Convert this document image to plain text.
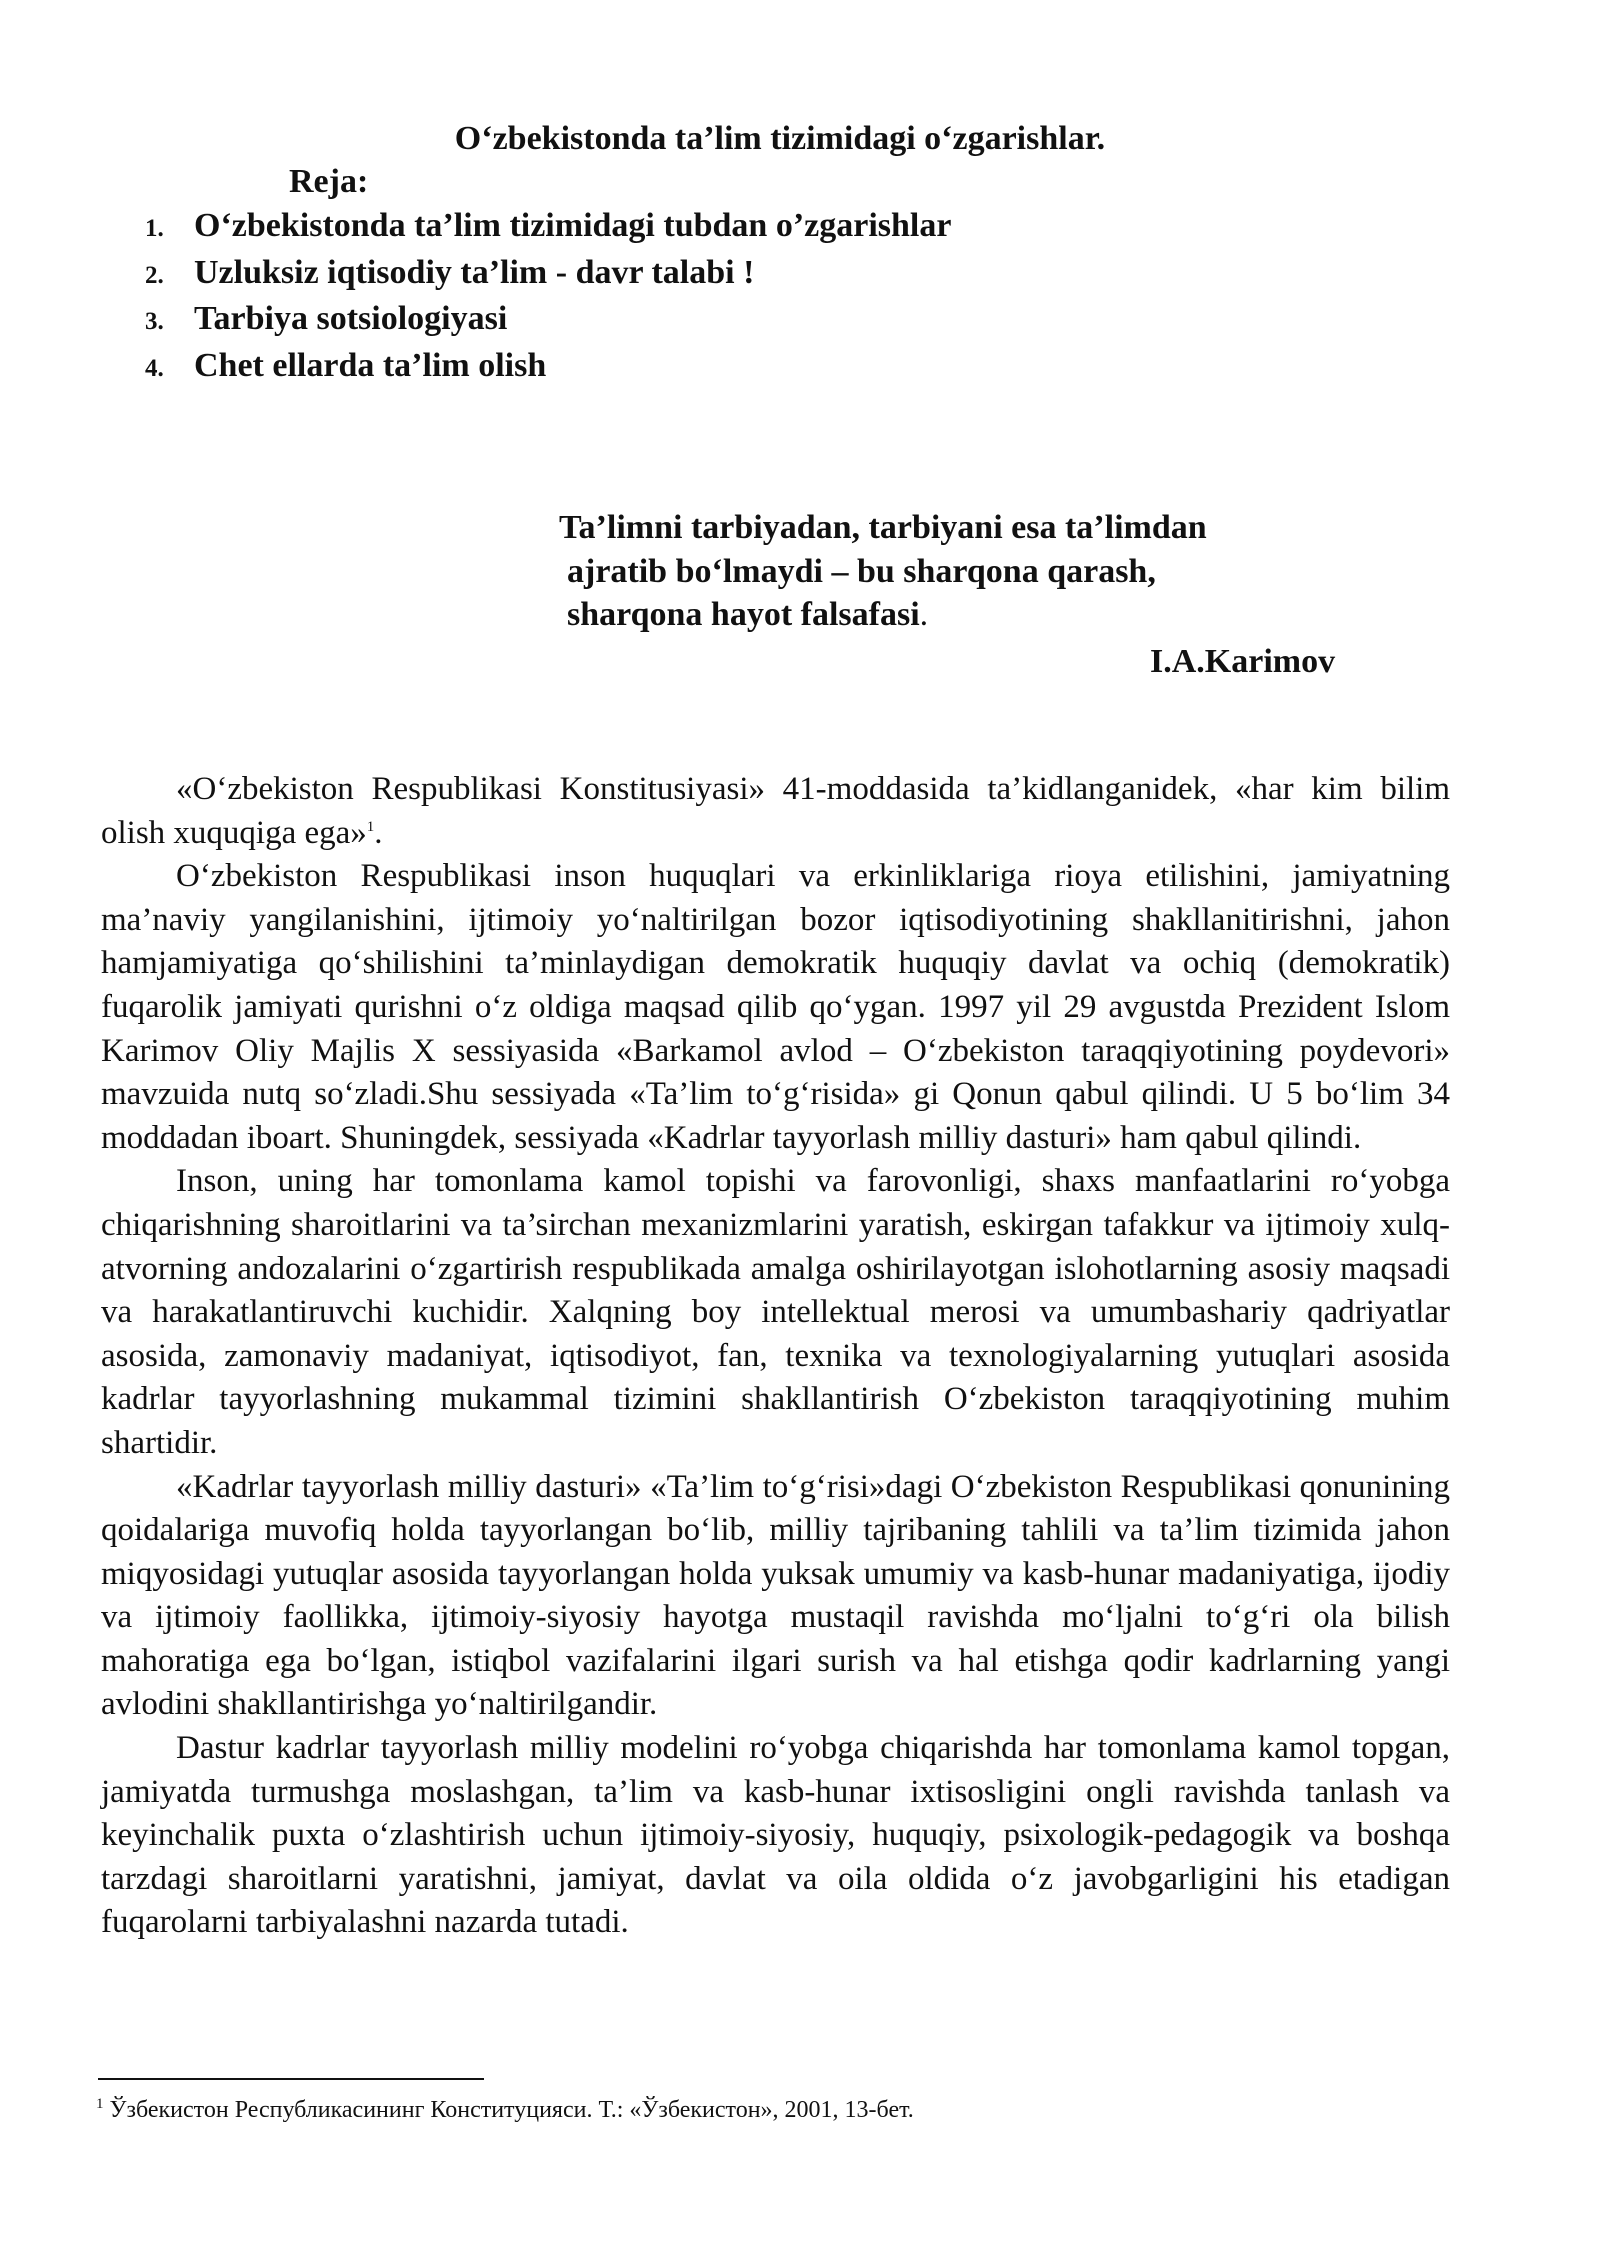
O‘zbekistonda ta’lim tizimidagi o‘zgarishlar.
Reja:
1. O‘zbekistonda ta’lim tizimidagi tubdan o’zgarishlar
2. Uzluksiz iqtisodiy ta’lim - davr talabi !
3. Tarbiya sotsiologiyasi
4. Chet ellarda ta’lim olish
Ta’limni tarbiyadan, tarbiyani esa ta’limdan
ajratib bo‘lmaydi – bu sharqona qarash,
sharqona hayot falsafasi.
I.A.Karimov

«O‘zbekiston Respublikasi Konstitusiyasi» 41-moddasida ta’kidlanganidek, «har kim bilim olish xuquqiga ega»$^1$.

O‘zbekiston Respublikasi inson huquqlari va erkinliklariga rioya etilishini, jamiyatning ma’naviy yangilanishini, ijtimoiy yo‘naltirilgan bozor iqtisodiyotining shakllanitirishni, jahon hamjamiyatiga qo‘shilishini ta’minlaydigan demokratik huquqiy davlat va ochiq (demokratik) fuqarolik jamiyati qurishni o‘z oldiga maqsad qilib qo‘ygan. 1997 yil 29 avgustda Prezident Islom Karimov Oliy Majlis X sessiyasida «Barkamol avlod – O‘zbekiston taraqqiyotining poydevori» mavzuida nutq so‘zladi.Shu sessiyada «Ta’lim to‘g‘risida» gi Qonun qabul qilindi. U 5 bo‘lim 34 moddadan iboart. Shuningdek, sessiyada «Kadrlar tayyorlash milliy dasturi» ham qabul qilindi.

Inson, uning har tomonlama kamol topishi va farovonligi, shaxs manfaatlarini ro‘yobga chiqarishning sharoitlarini va ta’sirchan mexanizmlarini yaratish, eskirgan tafakkur va ijtimoiy xulq-atvorning andozalarini o‘zgartirish respublikada amalga oshirilayotgan islohotlarning asosiy maqsadi va harakatlantiruvchi kuchidir. Xalqning boy intellektual merosi va umumbashariy qadriyatlar asosida, zamonaviy madaniyat, iqtisodiyot, fan, texnika va texnologiyalarning yutuqlari asosida kadrlar tayyorlashning mukammal tizimini shakllantirish O‘zbekiston taraqqiyotining muhim shartidir.

«Kadrlar tayyorlash milliy dasturi» «Ta’lim to‘g‘risi»dagi O‘zbekiston Respublikasi qonunining qoidalariga muvofiq holda tayyorlangan bo‘lib, milliy tajribaning tahlili va ta’lim tizimida jahon miqyosidagi yutuqlar asosida tayyorlangan holda yuksak umumiy va kasb-hunar madaniyatiga, ijodiy va ijtimoiy faollikka, ijtimoiy-siyosiy hayotga mustaqil ravishda mo‘ljalni to‘g‘ri ola bilish mahoratiga ega bo‘lgan, istiqbol vazifalarini ilgari surish va hal etishga qodir kadrlarning yangi avlodini shakllantirishga yo‘naltirilgandir.

Dastur kadrlar tayyorlash milliy modelini ro‘yobga chiqarishda har tomonlama kamol topgan, jamiyatda turmushga moslashgan, ta’lim va kasb-hunar ixtisosligini ongli ravishda tanlash va keyinchalik puxta o‘zlashtirish uchun ijtimoiy-siyosiy, huquqiy, psixologik-pedagogik va boshqa tarzdagi sharoitlarni yaratishni, jamiyat, davlat va oila oldida o‘z javobgarligini his etadigan fuqarolarni tarbiyalashni nazarda tutadi.

$^1$ Ўзбекистон Республикасининг Конституцияси. Т.: «Ўзбекистон», 2001, 13-бет.
